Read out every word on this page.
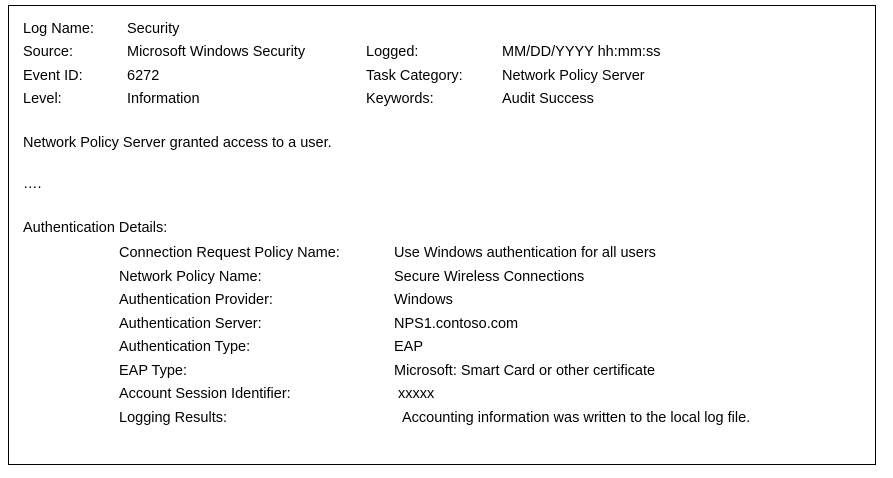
Log Name:	Security
Source:	Microsoft Windows Security	Logged:	MM/DD/YYYY hh:mm:ss
Event ID:	6272	Task Category:	Network Policy Server
Level:	Information	Keywords:	Audit Success

Network Policy Server granted access to a user.

….

Authentication Details:

Connection Request Policy Name:	Use Windows authentication for all users
Network Policy Name:	Secure Wireless Connections
Authentication Provider:	Windows
Authentication Server:	NPS1.contoso.com
Authentication Type:	EAP
EAP Type:	Microsoft: Smart Card or other certificate
Account Session Identifier:	xxxxx
Logging Results:	Accounting information was written to the local log file.
